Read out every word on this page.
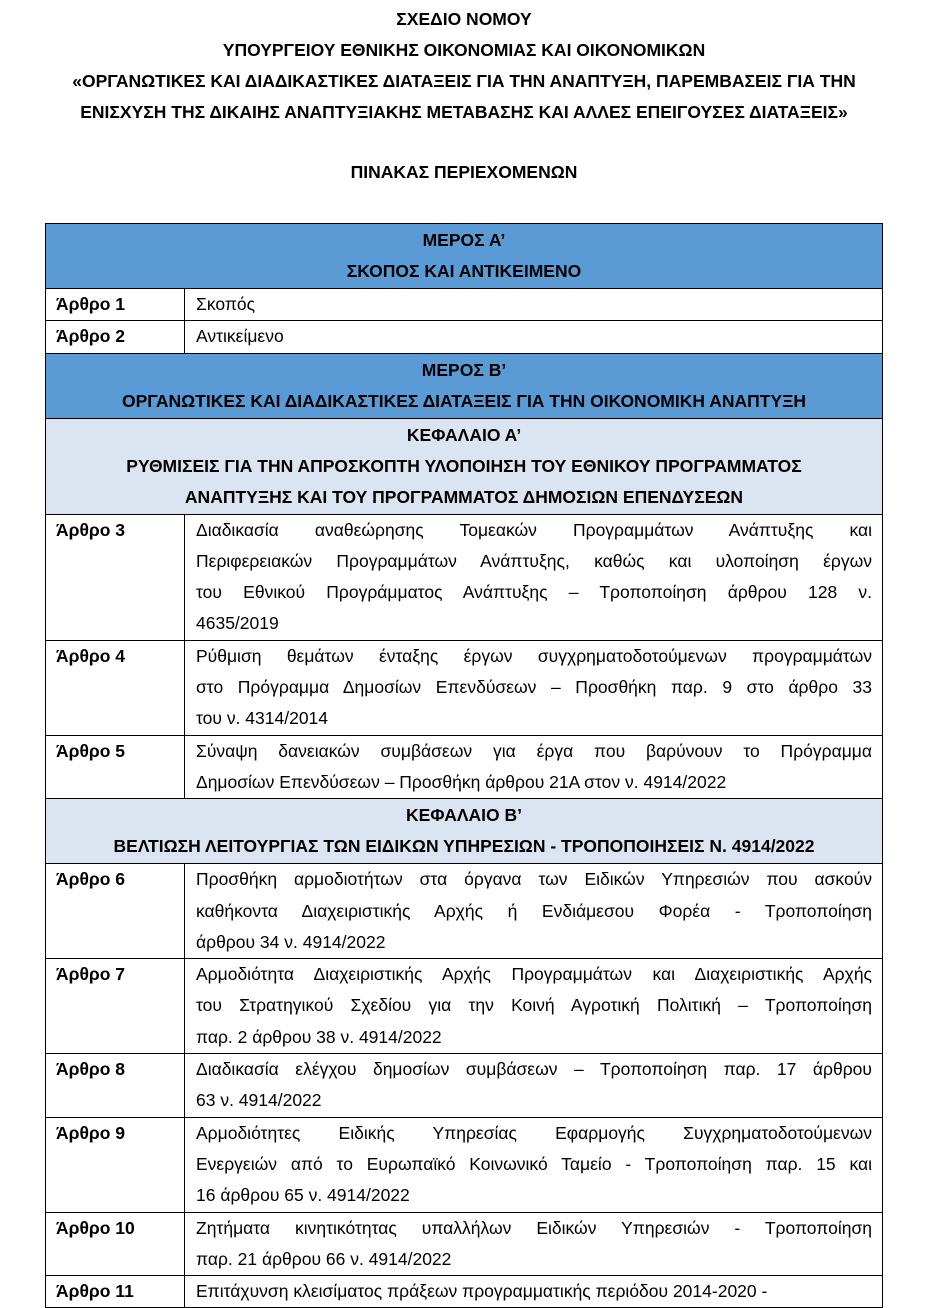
ΣΧΕΔΙΟ ΝΟΜΟΥ
ΥΠΟΥΡΓΕΙΟΥ ΕΘΝΙΚΗΣ ΟΙΚΟΝΟΜΙΑΣ ΚΑΙ ΟΙΚΟΝΟΜΙΚΩΝ
«ΟΡΓΑΝΩΤΙΚΕΣ ΚΑΙ ΔΙΑΔΙΚΑΣΤΙΚΕΣ ΔΙΑΤΑΞΕΙΣ ΓΙΑ ΤΗΝ ΑΝΑΠΤΥΞΗ, ΠΑΡΕΜΒΑΣΕΙΣ ΓΙΑ ΤΗΝ
ΕΝΙΣΧΥΣΗ ΤΗΣ ΔΙΚΑΙΗΣ ΑΝΑΠΤΥΞΙΑΚΗΣ ΜΕΤΑΒΑΣΗΣ ΚΑΙ ΑΛΛΕΣ ΕΠΕΙΓΟΥΣΕΣ ΔΙΑΤΑΞΕΙΣ»
ΠΙΝΑΚΑΣ ΠΕΡΙΕΧΟΜΕΝΩΝ
ΜΕΡΟΣ Α’
ΣΚΟΠΟΣ ΚΑΙ ΑΝΤΙΚΕΙΜΕΝΟ	

Άρθρο 1	Σκοπός

Άρθρο 2	Αντικείμενο

ΜΕΡΟΣ Β’
ΟΡΓΑΝΩΤΙΚΕΣ ΚΑΙ ΔΙΑΔΙΚΑΣΤΙΚΕΣ ΔΙΑΤΑΞΕΙΣ ΓΙΑ ΤΗΝ ΟΙΚΟΝΟΜΙΚΗ ΑΝΑΠΤΥΞΗ	

ΚΕΦΑΛΑΙΟ Α’
ΡΥΘΜΙΣΕΙΣ ΓΙΑ ΤΗΝ ΑΠΡΟΣΚΟΠΤΗ ΥΛΟΠΟΙΗΣΗ ΤΟΥ ΕΘΝΙΚΟΥ ΠΡΟΓΡΑΜΜΑΤΟΣ
ΑΝΑΠΤΥΞΗΣ ΚΑΙ ΤΟΥ ΠΡΟΓΡΑΜΜΑΤΟΣ ΔΗΜΟΣΙΩΝ ΕΠΕΝΔΥΣΕΩΝ	

Άρθρο 3	Διαδικασία αναθεώρησης Τομεακών Προγραμμάτων Ανάπτυξης και
Περιφερειακών Προγραμμάτων Ανάπτυξης, καθώς και υλοποίηση έργων
του Εθνικού Προγράμματος Ανάπτυξης – Τροποποίηση άρθρου 128 ν.
4635/2019

Άρθρο 4	Ρύθμιση θεμάτων ένταξης έργων συγχρηματοδοτούμενων προγραμμάτων
στο Πρόγραμμα Δημοσίων Επενδύσεων – Προσθήκη παρ. 9 στο άρθρο 33
του ν. 4314/2014

Άρθρο 5	Σύναψη δανειακών συμβάσεων για έργα που βαρύνουν το Πρόγραμμα
Δημοσίων Επενδύσεων – Προσθήκη άρθρου 21Α στον ν. 4914/2022

ΚΕΦΑΛΑΙΟ Β’
ΒΕΛΤΙΩΣΗ ΛΕΙΤΟΥΡΓΙΑΣ ΤΩΝ ΕΙΔΙΚΩΝ ΥΠΗΡΕΣΙΩΝ - ΤΡΟΠΟΠΟΙΗΣΕΙΣ Ν. 4914/2022	

Άρθρο 6	Προσθήκη αρμοδιοτήτων στα όργανα των Ειδικών Υπηρεσιών που ασκούν
καθήκοντα Διαχειριστικής Αρχής ή Ενδιάμεσου Φορέα - Τροποποίηση
άρθρου 34 ν. 4914/2022

Άρθρο 7	Αρμοδιότητα Διαχειριστικής Αρχής Προγραμμάτων και Διαχειριστικής Αρχής
του Στρατηγικού Σχεδίου για την Κοινή Αγροτική Πολιτική – Τροποποίηση
παρ. 2 άρθρου 38 ν. 4914/2022

Άρθρο 8	Διαδικασία ελέγχου δημοσίων συμβάσεων – Τροποποίηση παρ. 17 άρθρου
63 ν. 4914/2022

Άρθρο 9	Αρμοδιότητες Ειδικής Υπηρεσίας Εφαρμογής Συγχρηματοδοτούμενων
Ενεργειών από το Ευρωπαϊκό Κοινωνικό Ταμείο - Τροποποίηση παρ. 15 και
16 άρθρου 65 ν. 4914/2022

Άρθρο 10	Ζητήματα κινητικότητας υπαλλήλων Ειδικών Υπηρεσιών - Τροποποίηση
παρ. 21 άρθρου 66 ν. 4914/2022

Άρθρο 11	Επιτάχυνση κλεισίματος πράξεων προγραμματικής περιόδου 2014-2020 -
